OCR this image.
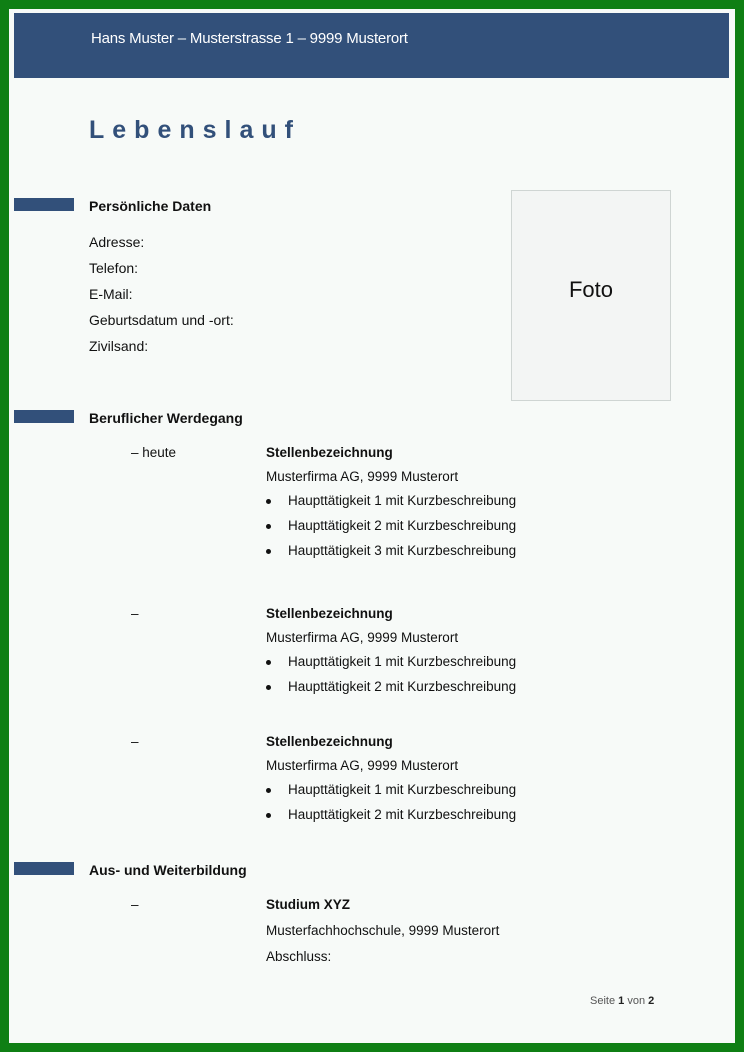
Hans Muster – Musterstrasse 1 – 9999 Musterort
Lebenslauf
Persönliche Daten
Adresse:
Telefon:
E-Mail:
Geburtsdatum und -ort:
Zivilsand:
Foto
Beruflicher Werdegang
– heute	Stellenbezeichnung
Musterfirma AG, 9999 Musterort
Haupttätigkeit 1 mit Kurzbeschreibung
Haupttätigkeit 2 mit Kurzbeschreibung
Haupttätigkeit 3 mit Kurzbeschreibung
–	Stellenbezeichnung
Musterfirma AG, 9999 Musterort
Haupttätigkeit 1 mit Kurzbeschreibung
Haupttätigkeit 2 mit Kurzbeschreibung
–	Stellenbezeichnung
Musterfirma AG, 9999 Musterort
Haupttätigkeit 1 mit Kurzbeschreibung
Haupttätigkeit 2 mit Kurzbeschreibung
Aus- und Weiterbildung
–	Studium XYZ
Musterfachhochschule, 9999 Musterort
Abschluss:
Seite 1 von 2
